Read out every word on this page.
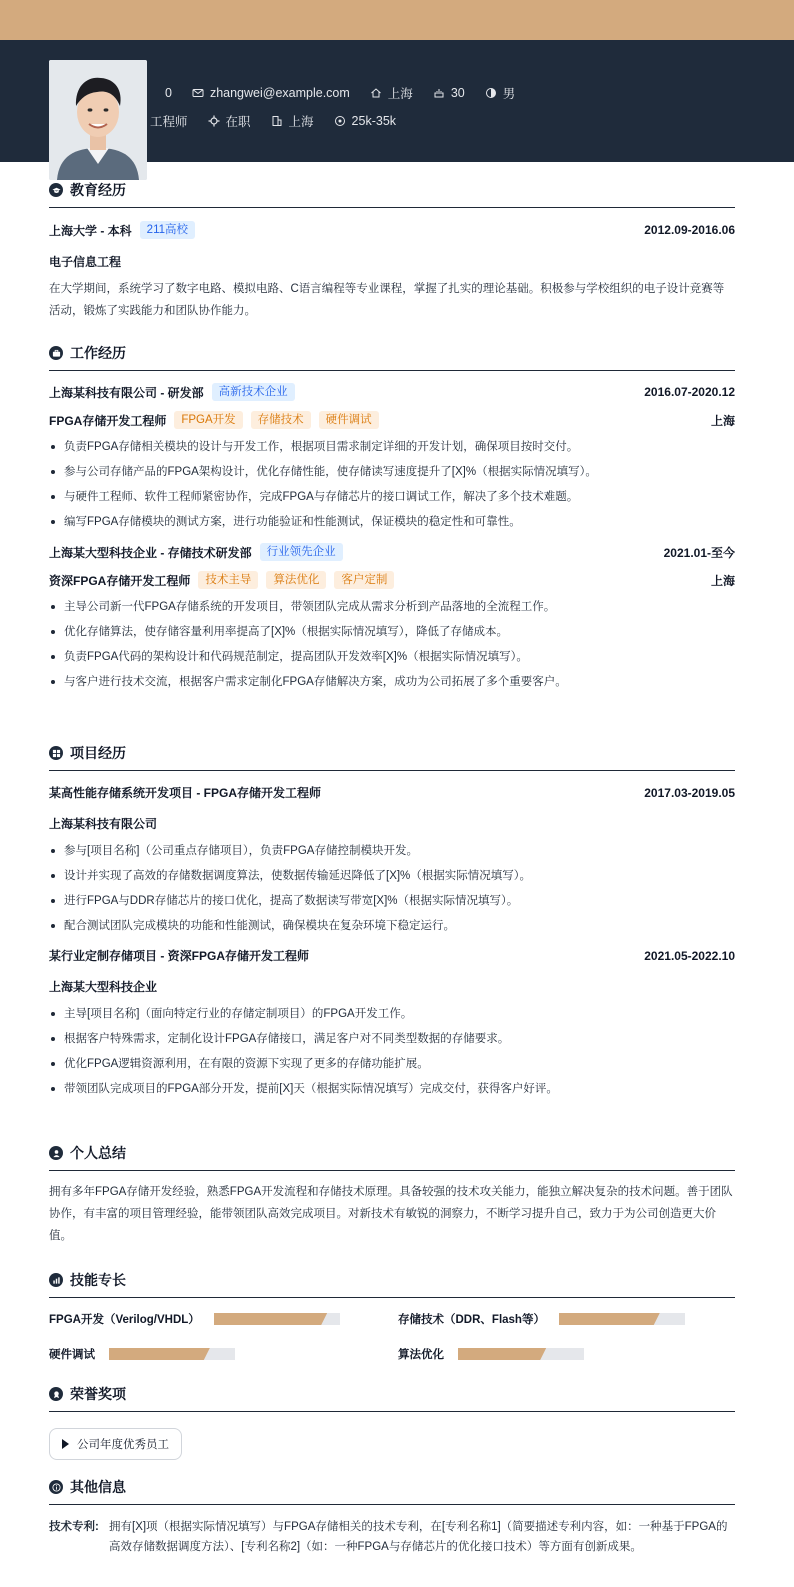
0	zhangwei@example.com	上海	30	男
工程师	在职	上海	25k-35k
教育经历
上海大学 - 本科	211高校	2012.09-2016.06
电子信息工程
在大学期间，系统学习了数字电路、模拟电路、C语言编程等专业课程，掌握了扎实的理论基础。积极参与学校组织的电子设计竞赛等活动，锻炼了实践能力和团队协作能力。
工作经历
上海某科技有限公司 - 研发部	高新技术企业	2016.07-2020.12
FPGA存储开发工程师	FPGA开发	存储技术	硬件调试	上海
负责FPGA存储相关模块的设计与开发工作，根据项目需求制定详细的开发计划，确保项目按时交付。
参与公司存储产品的FPGA架构设计，优化存储性能，使存储读写速度提升了[X]%（根据实际情况填写）。
与硬件工程师、软件工程师紧密协作，完成FPGA与存储芯片的接口调试工作，解决了多个技术难题。
编写FPGA存储模块的测试方案，进行功能验证和性能测试，保证模块的稳定性和可靠性。
上海某大型科技企业 - 存储技术研发部	行业领先企业	2021.01-至今
资深FPGA存储开发工程师	技术主导	算法优化	客户定制	上海
主导公司新一代FPGA存储系统的开发项目，带领团队完成从需求分析到产品落地的全流程工作。
优化存储算法，使存储容量利用率提高了[X]%（根据实际情况填写），降低了存储成本。
负责FPGA代码的架构设计和代码规范制定，提高团队开发效率[X]%（根据实际情况填写）。
与客户进行技术交流，根据客户需求定制化FPGA存储解决方案，成功为公司拓展了多个重要客户。
项目经历
某高性能存储系统开发项目 - FPGA存储开发工程师	2017.03-2019.05
上海某科技有限公司
参与[项目名称]（公司重点存储项目），负责FPGA存储控制模块开发。
设计并实现了高效的存储数据调度算法，使数据传输延迟降低了[X]%（根据实际情况填写）。
进行FPGA与DDR存储芯片的接口优化，提高了数据读写带宽[X]%（根据实际情况填写）。
配合测试团队完成模块的功能和性能测试，确保模块在复杂环境下稳定运行。
某行业定制存储项目 - 资深FPGA存储开发工程师	2021.05-2022.10
上海某大型科技企业
主导[项目名称]（面向特定行业的存储定制项目）的FPGA开发工作。
根据客户特殊需求，定制化设计FPGA存储接口，满足客户对不同类型数据的存储要求。
优化FPGA逻辑资源利用，在有限的资源下实现了更多的存储功能扩展。
带领团队完成项目的FPGA部分开发，提前[X]天（根据实际情况填写）完成交付，获得客户好评。
个人总结
拥有多年FPGA存储开发经验，熟悉FPGA开发流程和存储技术原理。具备较强的技术攻关能力，能独立解决复杂的技术问题。善于团队协作，有丰富的项目管理经验，能带领团队高效完成项目。对新技术有敏锐的洞察力，不断学习提升自己，致力于为公司创造更大价值。
技能专长
FPGA开发（Verilog/VHDL）	存储技术（DDR、Flash等）
硬件调试	算法优化
荣誉奖项
公司年度优秀员工
其他信息
技术专利: 拥有[X]项（根据实际情况填写）与FPGA存储相关的技术专利，在[专利名称1]（简要描述专利内容，如：一种基于FPGA的高效存储数据调度方法）、[专利名称2]（如：一种FPGA与存储芯片的优化接口技术）等方面有创新成果。
